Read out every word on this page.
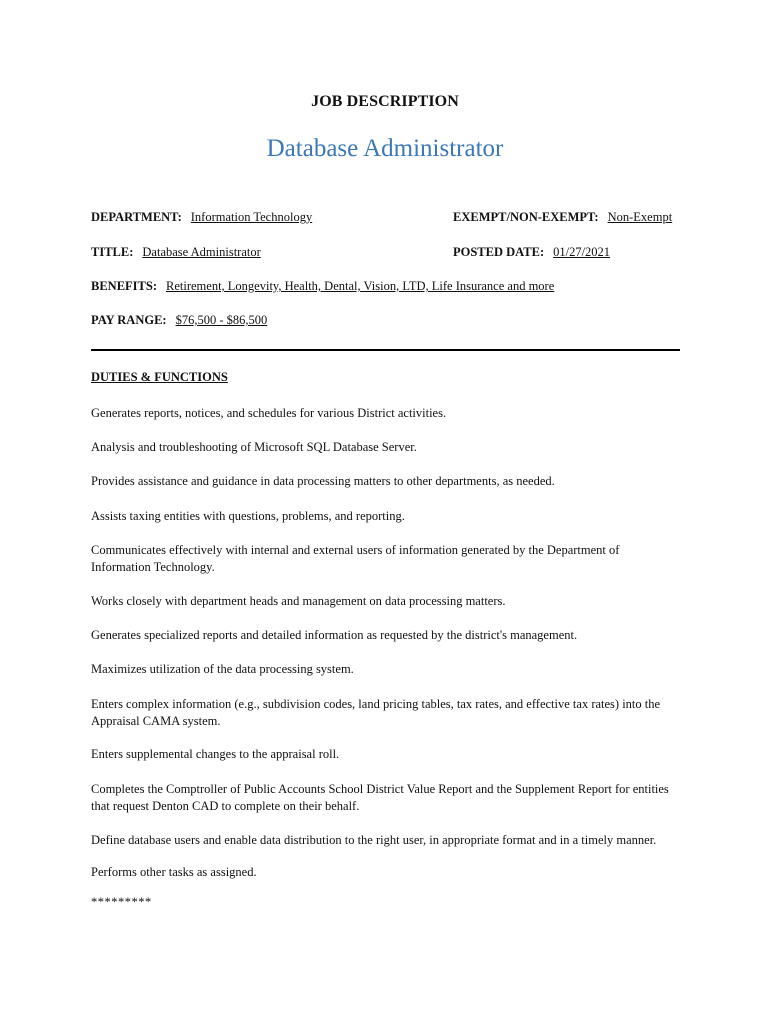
JOB DESCRIPTION
Database Administrator
DEPARTMENT: Information Technology	EXEMPT/NON-EXEMPT: Non-Exempt
TITLE: Database Administrator	POSTED DATE: 01/27/2021
BENEFITS: Retirement, Longevity, Health, Dental, Vision, LTD, Life Insurance and more
PAY RANGE: $76,500 - $86,500
DUTIES & FUNCTIONS
Generates reports, notices, and schedules for various District activities.
Analysis and troubleshooting of Microsoft SQL Database Server.
Provides assistance and guidance in data processing matters to other departments, as needed.
Assists taxing entities with questions, problems, and reporting.
Communicates effectively with internal and external users of information generated by the Department of Information Technology.
Works closely with department heads and management on data processing matters.
Generates specialized reports and detailed information as requested by the district's management.
Maximizes utilization of the data processing system.
Enters complex information (e.g., subdivision codes, land pricing tables, tax rates, and effective tax rates) into the Appraisal CAMA system.
Enters supplemental changes to the appraisal roll.
Completes the Comptroller of Public Accounts School District Value Report and the Supplement Report for entities that request Denton CAD to complete on their behalf.
Define database users and enable data distribution to the right user, in appropriate format and in a timely manner.
Performs other tasks as assigned.
*********
